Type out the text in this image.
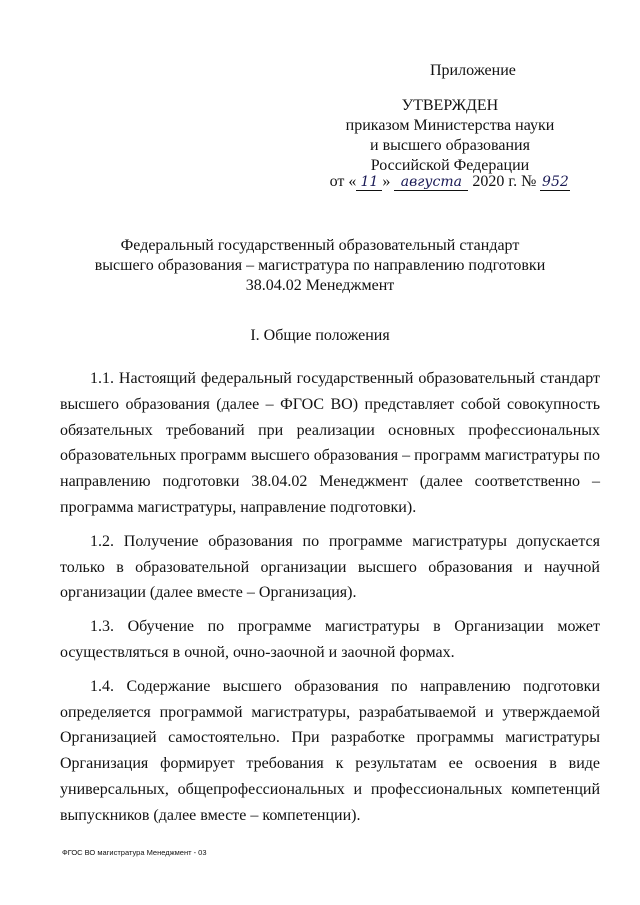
Приложение
УТВЕРЖДЕН
приказом Министерства науки
и высшего образования
Российской Федерации
от « 11 » августа 2020 г. № 952
Федеральный государственный образовательный стандарт
высшего образования – магистратура по направлению подготовки
38.04.02 Менеджмент
I. Общие положения

1.1. Настоящий федеральный государственный образовательный стандарт высшего образования (далее – ФГОС ВО) представляет собой совокупность обязательных требований при реализации основных профессиональных образовательных программ высшего образования – программ магистратуры по направлению подготовки 38.04.02 Менеджмент (далее соответственно – программа магистратуры, направление подготовки).

1.2. Получение образования по программе магистратуры допускается только в образовательной организации высшего образования и научной организации (далее вместе – Организация).

1.3. Обучение по программе магистратуры в Организации может осуществляться в очной, очно-заочной и заочной формах.

1.4. Содержание высшего образования по направлению подготовки определяется программой магистратуры, разрабатываемой и утверждаемой Организацией самостоятельно. При разработке программы магистратуры Организация формирует требования к результатам ее освоения в виде универсальных, общепрофессиональных и профессиональных компетенций выпускников (далее вместе – компетенции).

ФГОС ВО магистратура Менеджмент - 03
